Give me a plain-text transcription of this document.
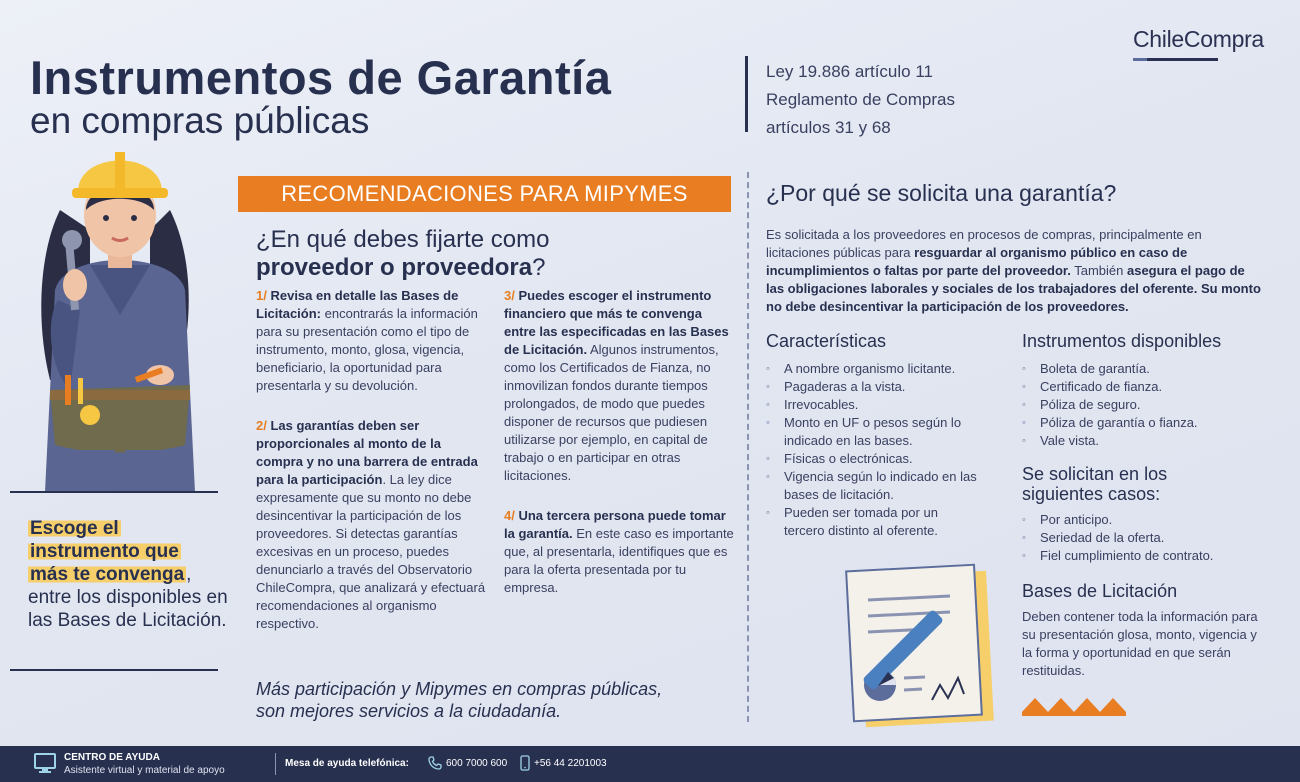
Instrumentos de Garantía
en compras públicas
Ley 19.886 artículo 11
Reglamento de Compras
artículos 31 y 68
ChileCompra
Escoge el
instrumento que
más te convenga ,
entre los disponibles en las Bases de Licitación.
RECOMENDACIONES PARA MIPYMES
¿En qué debes fijarte como
proveedor o proveedora?
1/ Revisa en detalle las Bases de Licitación: encontrarás la información para su presentación como el tipo de instrumento, monto, glosa, vigencia, beneficiario, la oportunidad para presentarla y su devolución.
2/ Las garantías deben ser proporcionales al monto de la compra y no una barrera de entrada para la participación. La ley dice expresamente que su monto no debe desincentivar la participación de los proveedores. Si detectas garantías excesivas en un proceso, puedes denunciarlo a través del Observatorio ChileCompra, que analizará y efectuará recomendaciones al organismo respectivo.
3/ Puedes escoger el instrumento financiero que más te convenga entre las especificadas en las Bases de Licitación. Algunos instrumentos, como los Certificados de Fianza, no inmovilizan fondos durante tiempos prolongados, de modo que puedes disponer de recursos que pudiesen utilizarse por ejemplo, en capital de trabajo o en participar en otras licitaciones.
4/ Una tercera persona puede tomar la garantía. En este caso es importante que, al presentarla, identifiques que es para la oferta presentada por tu empresa.
Más participación y Mipymes en compras públicas,
son mejores servicios a la ciudadanía.
¿Por qué se solicita una garantía?
Es solicitada a los proveedores en procesos de compras, principalmente en licitaciones públicas para resguardar al organismo público en caso de incumplimientos o faltas por parte del proveedor. También asegura el pago de las obligaciones laborales y sociales de los trabajadores del oferente. Su monto no debe desincentivar la participación de los proveedores.
Características
◦ A nombre organismo licitante.
◦ Pagaderas a la vista.
◦ Irrevocables.
◦ Monto en UF o pesos según lo indicado en las bases.
◦ Físicas o electrónicas.
◦ Vigencia según lo indicado en las bases de licitación.
◦ Pueden ser tomada por un tercero distinto al oferente.
Instrumentos disponibles
◦ Boleta de garantía.
◦ Certificado de fianza.
◦ Póliza de seguro.
◦ Póliza de garantía o fianza.
◦ Vale vista.
Se solicitan en los
siguientes casos:
◦ Por anticipo.
◦ Seriedad de la oferta.
◦ Fiel cumplimiento de contrato.
Bases de Licitación
Deben contener toda la información para su presentación glosa, monto, vigencia y la forma y oportunidad en que serán restituidas.
CENTRO DE AYUDA
Asistente virtual y material de apoyo
Mesa de ayuda telefónica:	600 7000 600	+56 44 2201003
